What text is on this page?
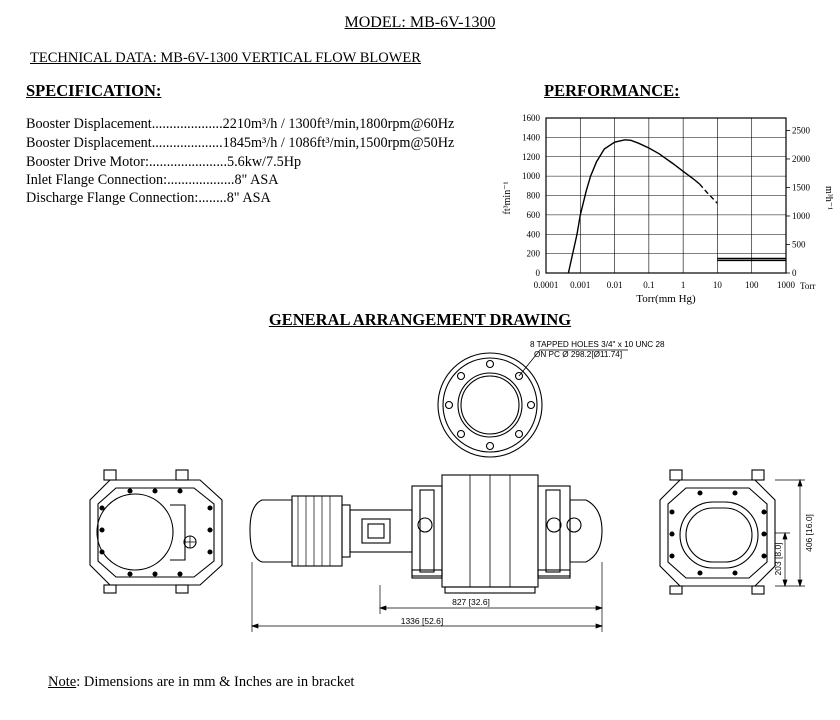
MODEL: MB-6V-1300
TECHNICAL DATA: MB-6V-1300 VERTICAL FLOW BLOWER
SPECIFICATION:	PERFORMANCE:
Booster Displacement....................2210m³/h / 1300ft³/min,1800rpm@60Hz
Booster Displacement....................1845m³/h / 1086ft³/min,1500rpm@50Hz
Booster Drive Motor:......................5.6kw/7.5Hp
Inlet Flange Connection:...................8" ASA
Discharge Flange Connection:........8" ASA
0
200
400
600
800
1000
1200
1400
1600
0
500
1000
1500
2000
2500
0.0001 0.001 0.01 0.1	1	10	100 1000
ft³min⁻¹	m³h⁻¹
Torr(mm Hg)
Torr
GENERAL ARRANGEMENT DRAWING
8 TAPPED HOLES 3/4" x 10 UNC 28
ON PC Ø 298.2[Ø11.74]
827 [32.6]
1336 [52.6]
406 [16.0]
203 [8.0]
Note: Dimensions are in mm & Inches are in bracket
